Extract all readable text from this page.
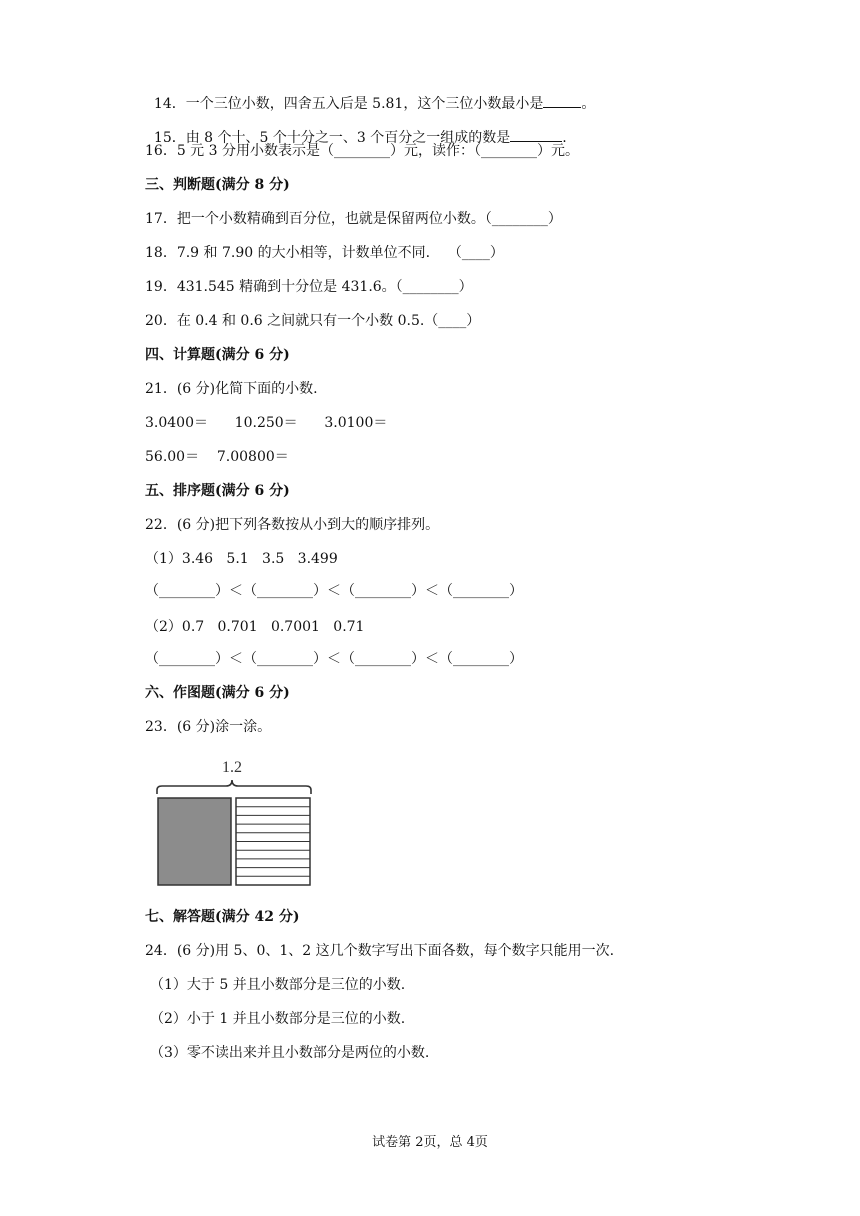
14．一个三位小数，四舍五入后是 5.81，这个三位小数最小是	。

15．由 8 个十、5 个十分之一、3 个百分之一组成的数是	.

16．5 元 3 分用小数表示是（________）元，读作：（________）元。
三、判断题(满分 8 分)
17．把一个小数精确到百分位，也就是保留两位小数。（________）
18．7.9 和 7.90 的大小相等，计数单位不同.    （____）
19．431.545 精确到十分位是 431.6。（________）
20．在 0.4 和 0.6 之间就只有一个小数 0.5.（____）
四、计算题(满分 6 分)
21．(6 分)化简下面的小数.
3.0400＝      10.250＝      3.0100＝
56.00＝    7.00800＝
五、排序题(满分 6 分)
22．(6 分)把下列各数按从小到大的顺序排列。
（1）3.46   5.1   3.5   3.499
（________）＜（________）＜（________）＜（________）
（2）0.7   0.701   0.7001   0.71
（________）＜（________）＜（________）＜（________）
六、作图题(满分 6 分)
23．(6 分)涂一涂。
1.2
七、解答题(满分 42 分)
24．(6 分)用 5、0、1、2 这几个数字写出下面各数，每个数字只能用一次.
（1）大于 5 并且小数部分是三位的小数.
（2）小于 1 并且小数部分是三位的小数.
（3）零不读出来并且小数部分是两位的小数.
试卷第 2页，总 4页
